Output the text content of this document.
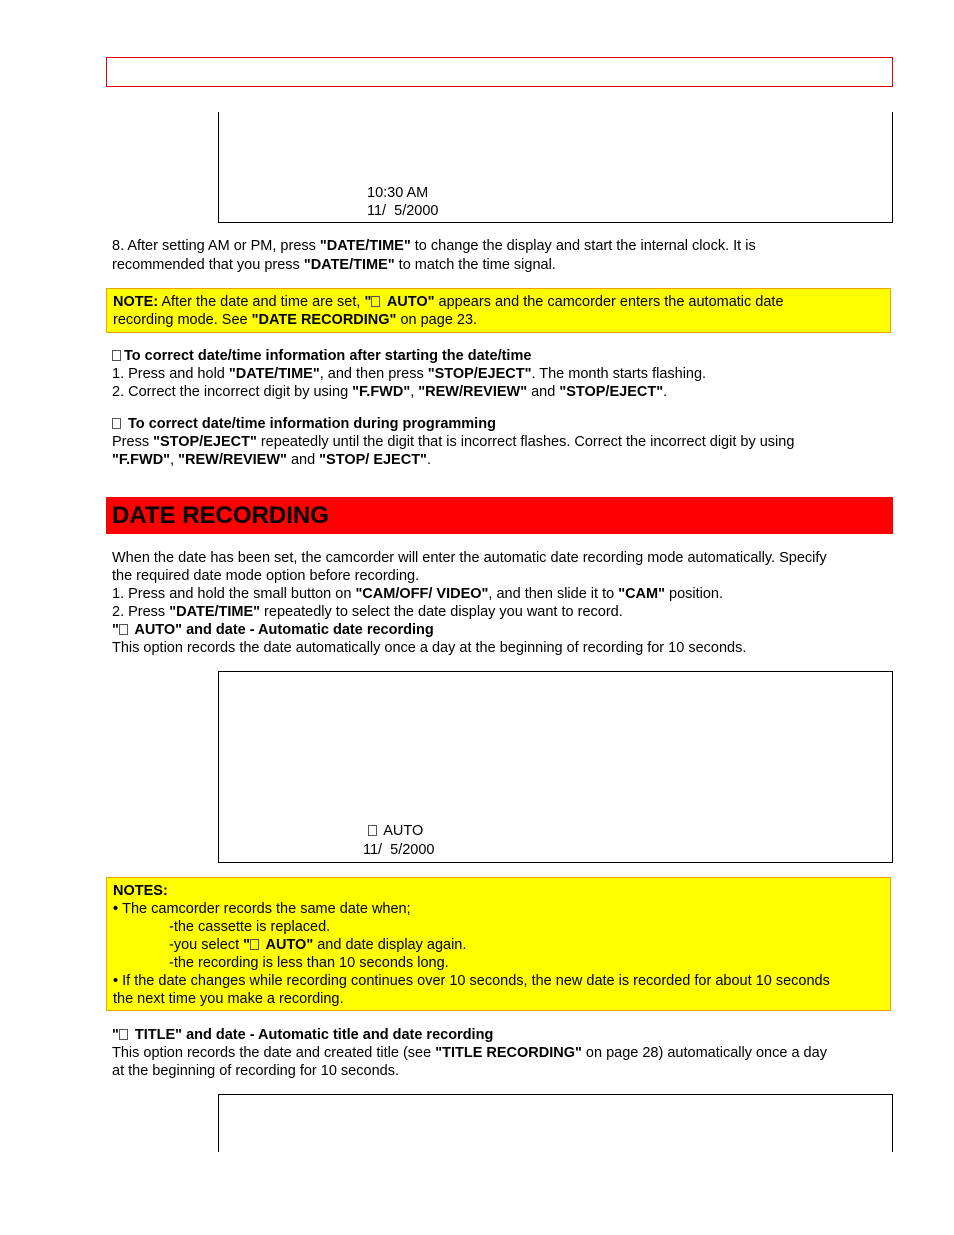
10:30 AM
11/  5/2000
8. After setting AM or PM, press "DATE/TIME" to change the display and start the internal clock. It is
recommended that you press "DATE/TIME" to match the time signal.
NOTE: After the date and time are set, " AUTO" appears and the camcorder enters the automatic date
recording mode. See "DATE RECORDING" on page 23.
To correct date/time information after starting the date/time
1. Press and hold "DATE/TIME", and then press "STOP/EJECT". The month starts flashing.
2. Correct the incorrect digit by using "F.FWD", "REW/REVIEW" and "STOP/EJECT".
To correct date/time information during programming
Press "STOP/EJECT" repeatedly until the digit that is incorrect flashes. Correct the incorrect digit by using
"F.FWD", "REW/REVIEW" and "STOP/ EJECT".
DATE RECORDING
When the date has been set, the camcorder will enter the automatic date recording mode automatically. Specify
the required date mode option before recording.
1. Press and hold the small button on "CAM/OFF/ VIDEO", and then slide it to "CAM" position.
2. Press "DATE/TIME" repeatedly to select the date display you want to record.
" AUTO" and date - Automatic date recording
This option records the date automatically once a day at the beginning of recording for 10 seconds.
AUTO
11/  5/2000
NOTES:
• The camcorder records the same date when;
-the cassette is replaced.
-you select " AUTO" and date display again.
-the recording is less than 10 seconds long.
• If the date changes while recording continues over 10 seconds, the new date is recorded for about 10 seconds
the next time you make a recording.
" TITLE" and date - Automatic title and date recording
This option records the date and created title (see "TITLE RECORDING" on page 28) automatically once a day
at the beginning of recording for 10 seconds.
